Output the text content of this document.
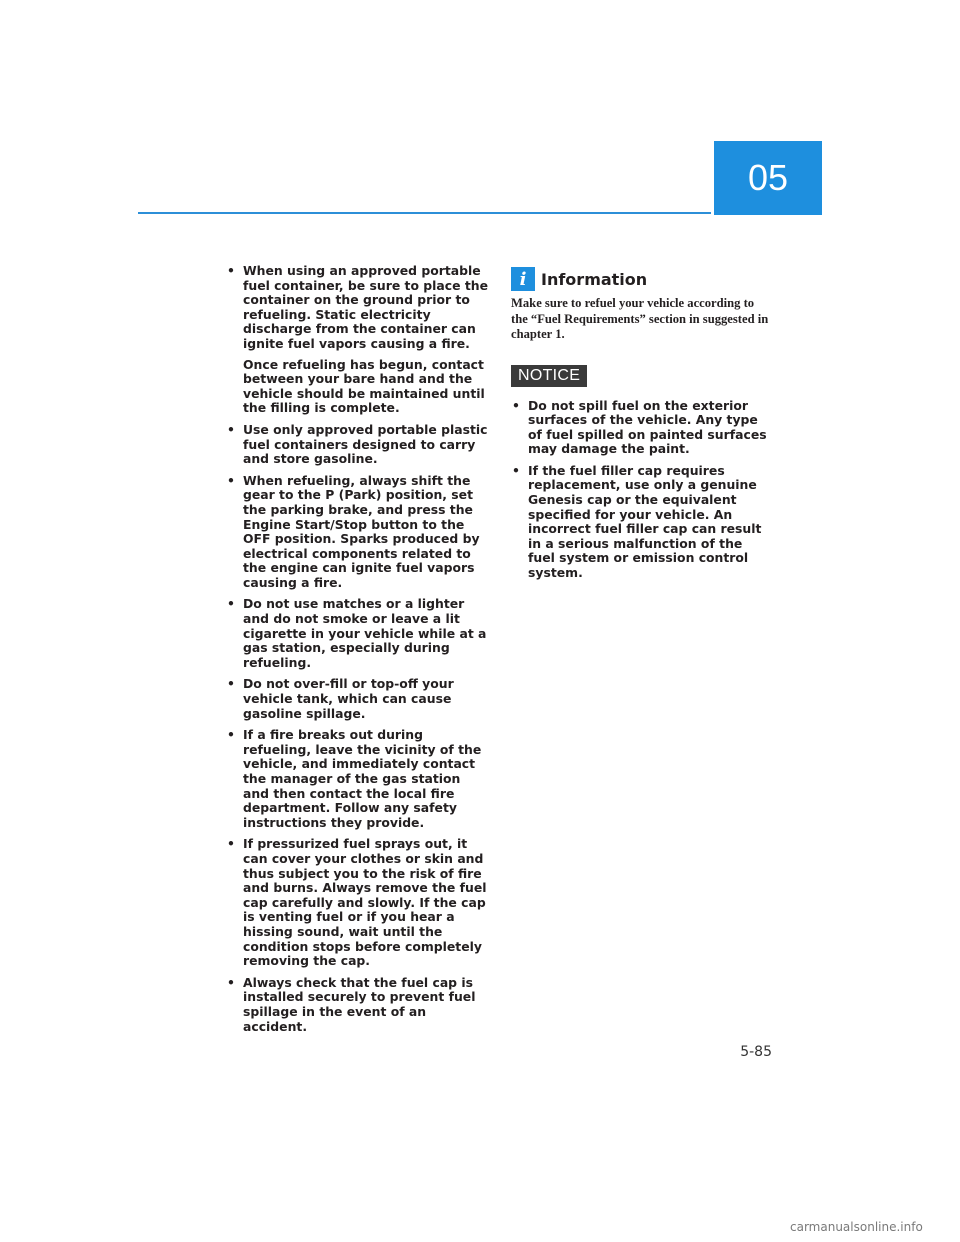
05
• When using an approved portable fuel container, be sure to place the container on the ground prior to refueling. Static electricity discharge from the container can ignite fuel vapors causing a fire.

Once refueling has begun, contact between your bare hand and the vehicle should be maintained until the filling is complete.

• Use only approved portable plastic fuel containers designed to carry and store gasoline.

• When refueling, always shift the gear to the P (Park) position, set the parking brake, and press the Engine Start/Stop button to the OFF position. Sparks produced by electrical components related to the engine can ignite fuel vapors causing a fire.

• Do not use matches or a lighter and do not smoke or leave a lit cigarette in your vehicle while at a gas station, especially during refueling.

• Do not over-fill or top-off your vehicle tank, which can cause gasoline spillage.

• If a fire breaks out during refueling, leave the vicinity of the vehicle, and immediately contact the manager of the gas station and then contact the local fire department. Follow any safety instructions they provide.

• If pressurized fuel sprays out, it can cover your clothes or skin and thus subject you to the risk of fire and burns. Always remove the fuel cap carefully and slowly. If the cap is venting fuel or if you hear a hissing sound, wait until the condition stops before completely removing the cap.

• Always check that the fuel cap is installed securely to prevent fuel spillage in the event of an accident.

i Information

Make sure to refuel your vehicle according to the “Fuel Requirements” section in suggested in chapter 1.

NOTICE
• Do not spill fuel on the exterior surfaces of the vehicle. Any type of fuel spilled on painted surfaces may damage the paint.

• If the fuel filler cap requires replacement, use only a genuine Genesis cap or the equivalent specified for your vehicle. An incorrect fuel filler cap can result in a serious malfunction of the fuel system or emission control system.

5-85
carmanualsonline.info
